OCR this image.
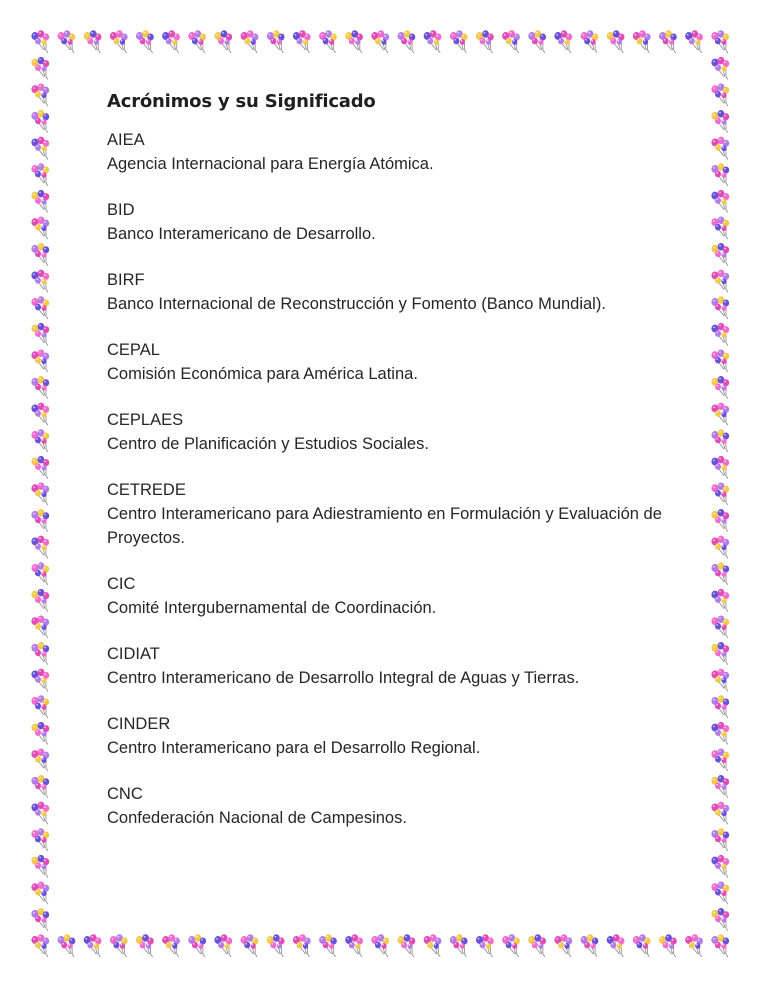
Acrónimos y su Significado

AIEA

Agencia Internacional para Energía Atómica.

BID

Banco Interamericano de Desarrollo.

BIRF

Banco Internacional de Reconstrucción y Fomento (Banco Mundial).

CEPAL

Comisión Económica para América Latina.

CEPLAES

Centro de Planificación y Estudios Sociales.

CETREDE

Centro Interamericano para Adiestramiento en Formulación y Evaluación de Proyectos.

CIC

Comité Intergubernamental de Coordinación.

CIDIAT

Centro Interamericano de Desarrollo Integral de Aguas y Tierras.

CINDER

Centro Interamericano para el Desarrollo Regional.

CNC

Confederación Nacional de Campesinos.
